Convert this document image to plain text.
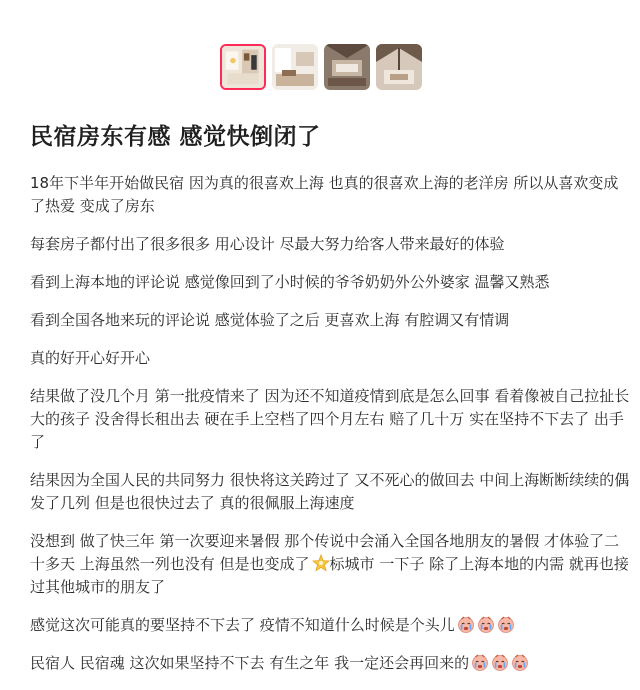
民宿房东有感 感觉快倒闭了

18年下半年开始做民宿 因为真的很喜欢上海 也真的很喜欢上海的老洋房 所以从喜欢变成了热爱 变成了房东

每套房子都付出了很多很多 用心设计 尽最大努力给客人带来最好的体验

看到上海本地的评论说 感觉像回到了小时候的爷爷奶奶外公外婆家 温馨又熟悉

看到全国各地来玩的评论说 感觉体验了之后 更喜欢上海 有腔调又有情调

真的好开心好开心

结果做了没几个月 第一批疫情来了 因为还不知道疫情到底是怎么回事 看着像被自己拉扯长大的孩子 没舍得长租出去 硬在手上空档了四个月左右 赔了几十万 实在坚持不下去了 出手了

结果因为全国人民的共同努力 很快将这关跨过了 又不死心的做回去 中间上海断断续续的偶发了几列 但是也很快过去了 真的很佩服上海速度

没想到 做了快三年 第一次要迎来暑假 那个传说中会涌入全国各地朋友的暑假 才体验了二十多天 上海虽然一列也没有 但是也变成了 标城市 一下子 除了上海本地的内需 就再也接过其他城市的朋友了

感觉这次可能真的要坚持不下去了 疫情不知道什么时候是个头儿

民宿人 民宿魂 这次如果坚持不下去 有生之年 我一定还会再回来的
